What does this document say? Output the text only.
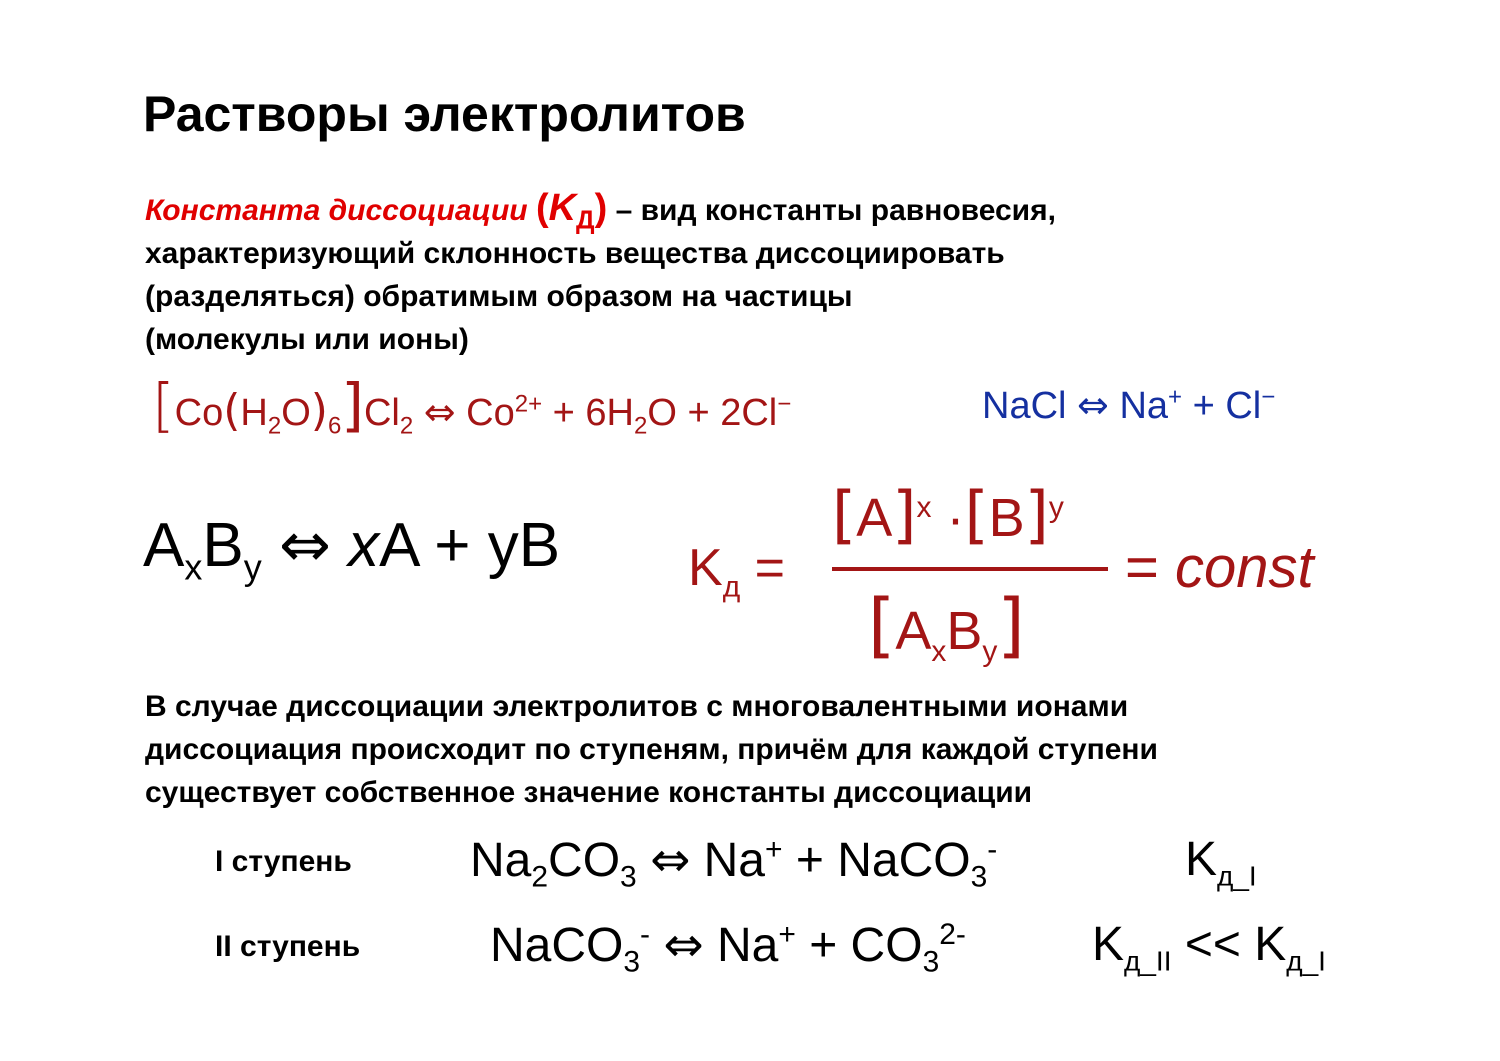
Растворы электролитов
Константа диссоциации $(K_Д)$ – вид константы равновесия,
характеризующий склонность вещества диссоциировать
(разделяться) обратимым образом на частицы
(молекулы или ионы)
$[Co(H_2O)_6]Cl_2$ ⇔ $Co^{2+} + 6H_2O + 2Cl^-$	NaCl ⇔ Na+ + Cl−
$A_xB_y$ ⇔ xA + yB $K_д$ =
$[A]^x \cdot[B]^y$
$[A_xB_y]$
= const
В случае диссоциации электролитов с многовалентными ионами
диссоциация происходит по ступеням, причём для каждой ступени
существует собственное значение константы диссоциации
I ступень $Na_2CO_3$ ⇔ Na+ + NaCO$_3$-	$K_{д\_I}$
II ступень	NaCO$_3$- ⇔ $Na^+ + CO_3^{2-}$	$K_{д\_II} << K_{д\_I}$
